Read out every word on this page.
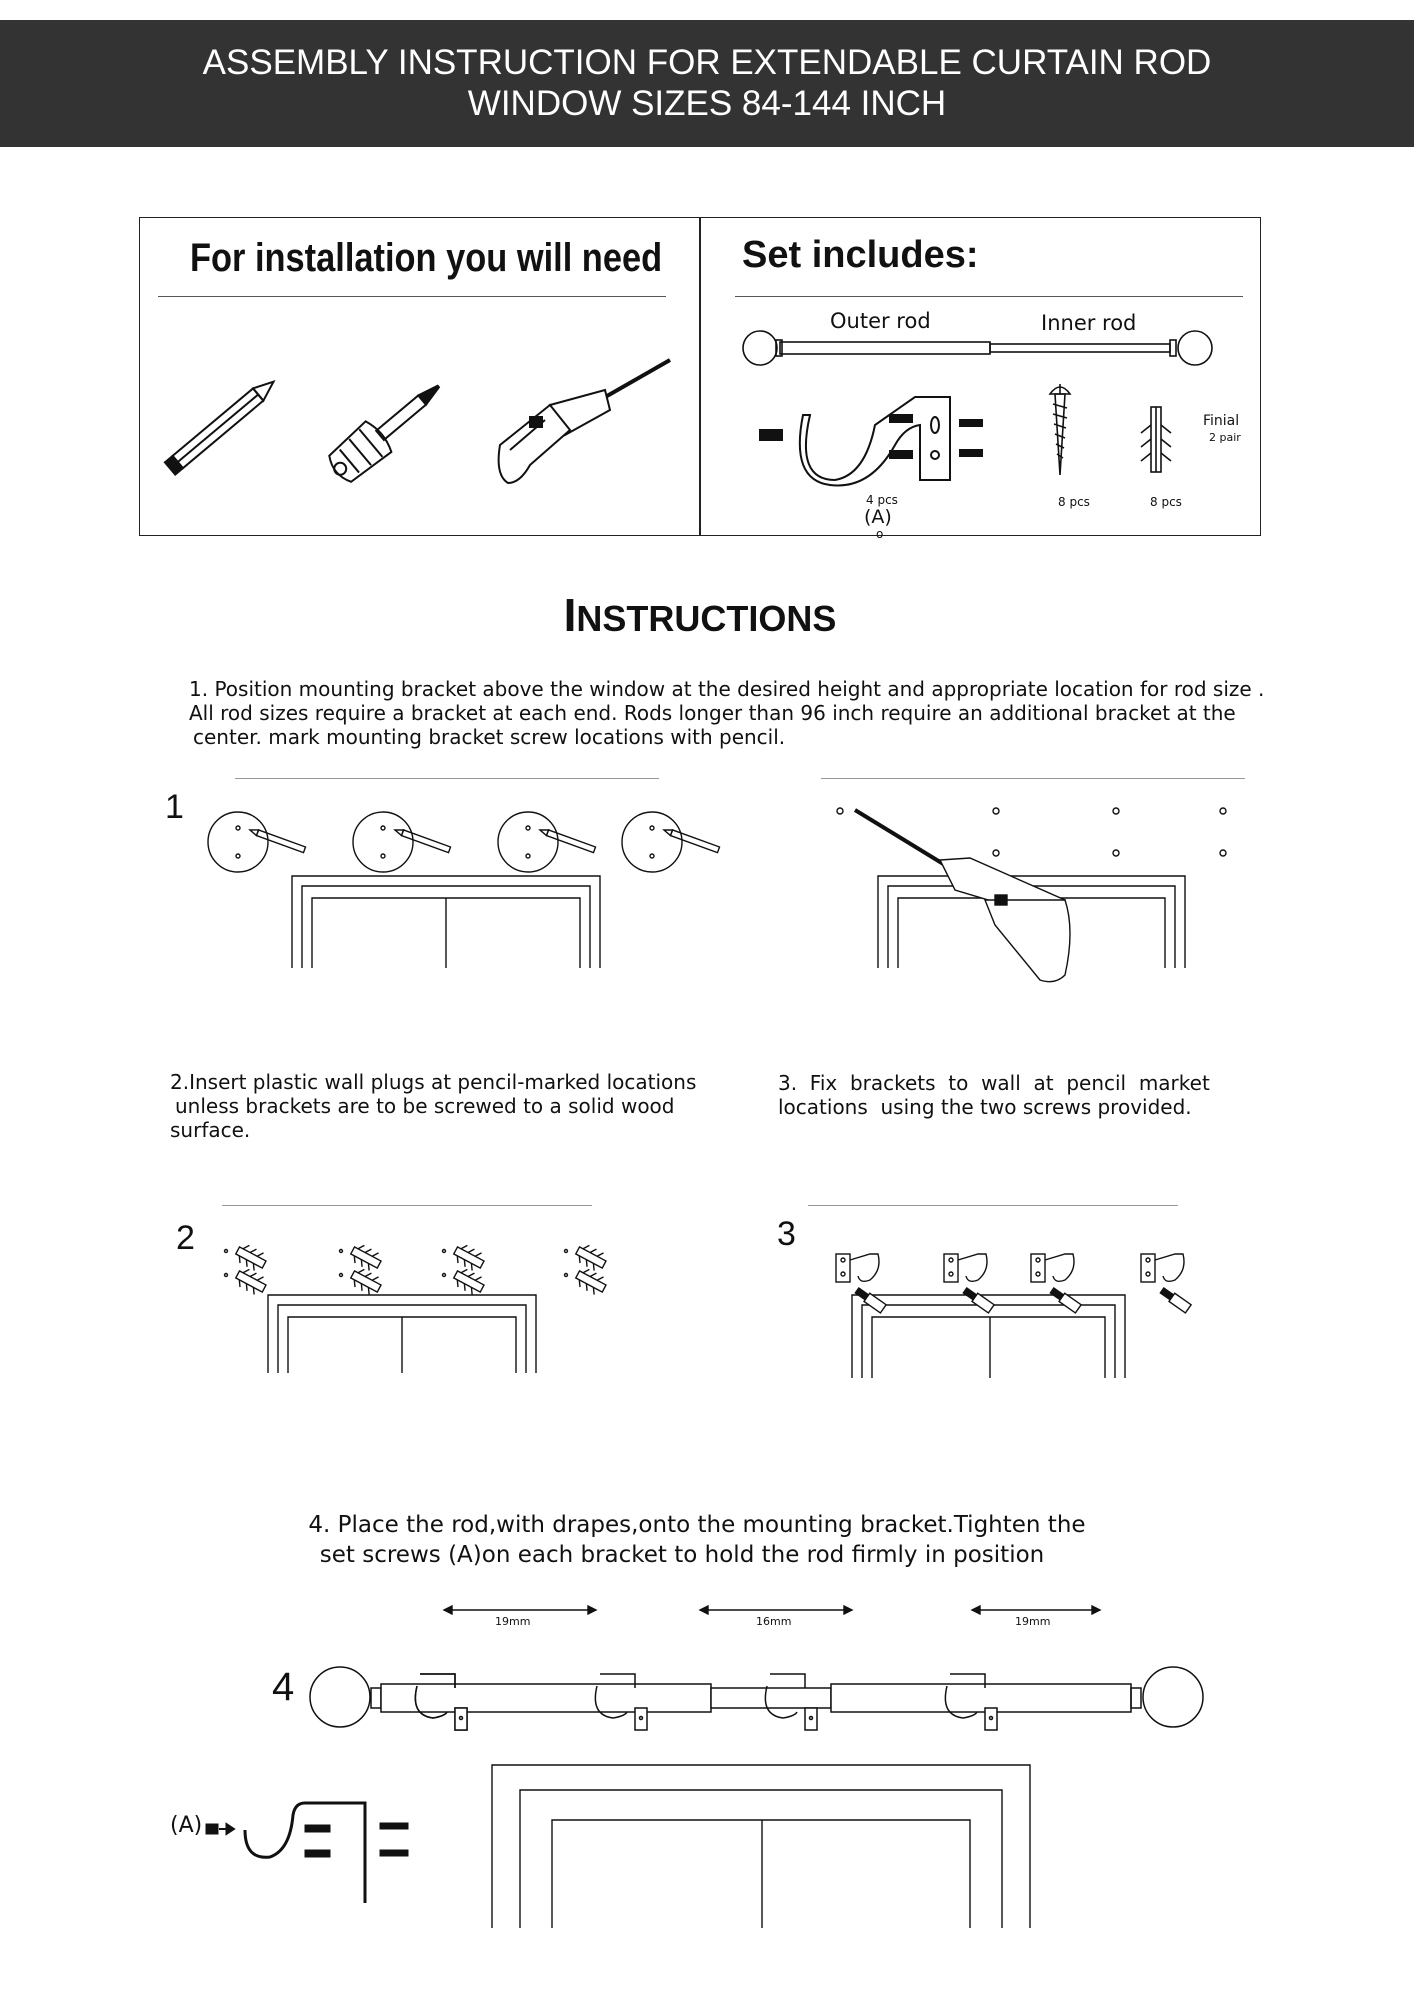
ASSEMBLY INSTRUCTION FOR EXTENDABLE CURTAIN ROD
WINDOW SIZES 84-144 INCH
For installation you will need Set includes:
Outer rod	Inner rod
4 pcs
(A)
o
8 pcs	8 pcs
Finial
2 pair
INSTRUCTIONS
1. Position mounting bracket above the window at the desired height and appropriate location for rod size .
All rod sizes require a bracket at each end. Rods longer than 96 inch require an additional bracket at the
center. mark mounting bracket screw locations with pencil.
1
2.Insert plastic wall plugs at pencil-marked locations
unless brackets are to be screwed to a solid wood
surface.
3.  Fix  brackets  to  wall  at  pencil  market
locations  using the two screws provided.
2	3
4. Place the rod,with drapes,onto the mounting bracket.Tighten the
set screws (A)on each bracket to hold the rod firmly in position
19mm	16mm	19mm
4
(A)
